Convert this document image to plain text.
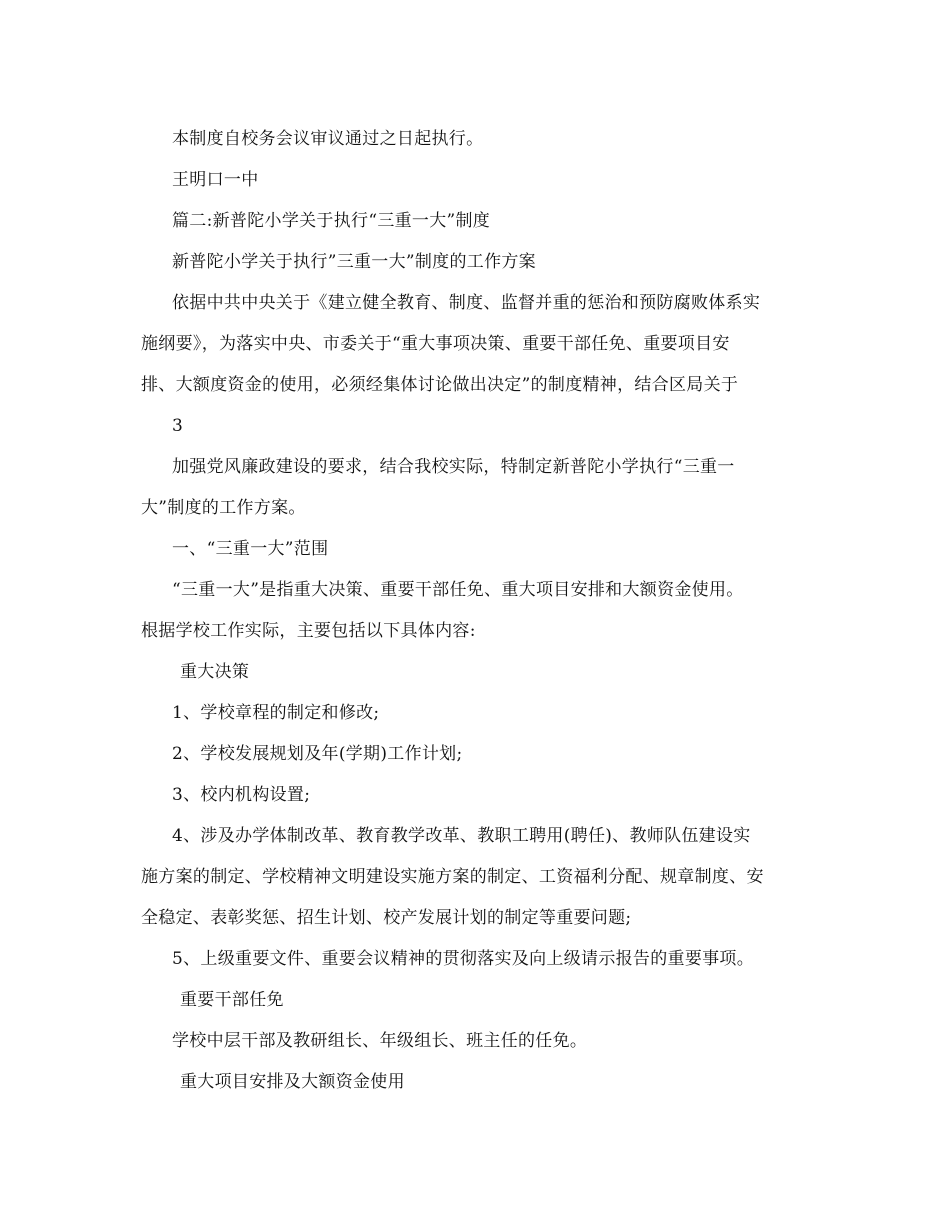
本制度自校务会议审议通过之日起执行。
王明口一中
篇二:新普陀小学关于执行“三重一大”制度
新普陀小学关于执行”三重一大”制度的工作方案
依据中共中央关于《建立健全教育、制度、监督并重的惩治和预防腐败体系实
施纲要》，为落实中央、市委关于“重大事项决策、重要干部任免、重要项目安
排、大额度资金的使用，必须经集体讨论做出决定”的制度精神，结合区局关于
3
加强党风廉政建设的要求，结合我校实际，特制定新普陀小学执行“三重一
大”制度的工作方案。
一、“三重一大”范围
“三重一大”是指重大决策、重要干部任免、重大项目安排和大额资金使用。
根据学校工作实际，主要包括以下具体内容:
重大决策
1、学校章程的制定和修改;
2、学校发展规划及年(学期)工作计划;
3、校内机构设置;
4、涉及办学体制改革、教育教学改革、教职工聘用(聘任)、教师队伍建设实
施方案的制定、学校精神文明建设实施方案的制定、工资福利分配、规章制度、安
全稳定、表彰奖惩、招生计划、校产发展计划的制定等重要问题;
5、上级重要文件、重要会议精神的贯彻落实及向上级请示报告的重要事项。
重要干部任免
学校中层干部及教研组长、年级组长、班主任的任免。
重大项目安排及大额资金使用
